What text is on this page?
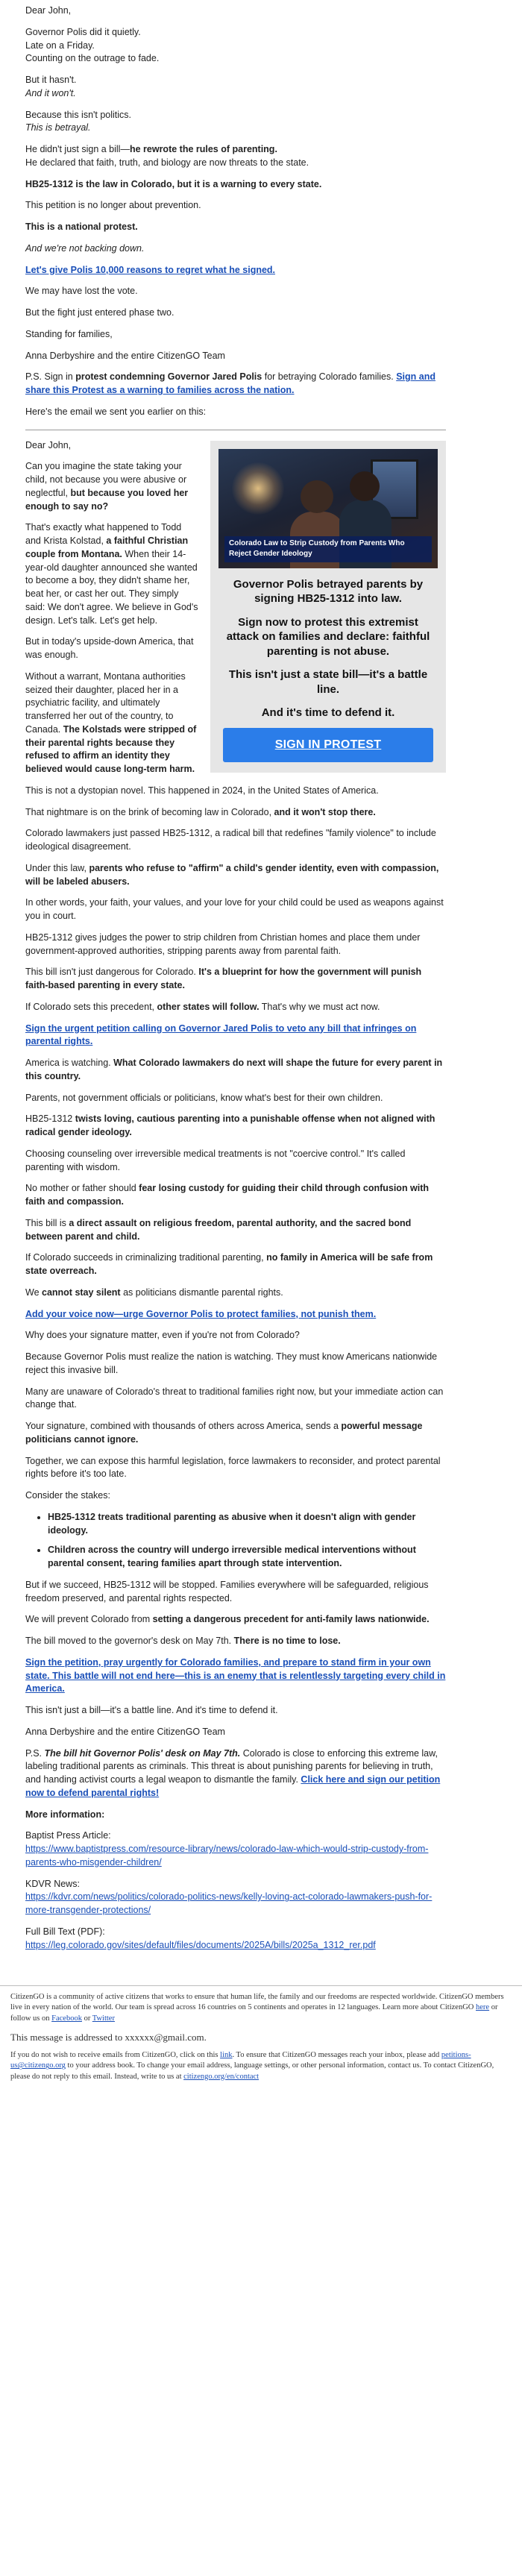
Dear John,

Governor Polis did it quietly.
Late on a Friday.
Counting on the outrage to fade.

But it hasn't.
And it won't.

Because this isn't politics.
This is betrayal.

He didn't just sign a bill—he rewrote the rules of parenting.
He declared that faith, truth, and biology are now threats to the state.

HB25-1312 is the law in Colorado, but it is a warning to every state.

This petition is no longer about prevention.

This is a national protest.

And we're not backing down.

Let's give Polis 10,000 reasons to regret what he signed.

We may have lost the vote.

But the fight just entered phase two.

Standing for families,

Anna Derbyshire and the entire CitizenGO Team

P.S. Sign in protest condemning Governor Jared Polis for betraying Colorado families. Sign and share this Protest as a warning to families across the nation.

Here's the email we sent you earlier on this:

Colorado Law to Strip Custody from Parents Who Reject Gender Ideology
Governor Polis betrayed parents by signing HB25-1312 into law.
Sign now to protest this extremist attack on families and declare: faithful parenting is not abuse.
This isn't just a state bill—it's a battle line.
And it's time to defend it.
SIGN IN PROTEST

Dear John,

Can you imagine the state taking your child, not because you were abusive or neglectful, but because you loved her enough to say no?

That's exactly what happened to Todd and Krista Kolstad, a faithful Christian couple from Montana. When their 14-year-old daughter announced she wanted to become a boy, they didn't shame her, beat her, or cast her out. They simply said: We don't agree. We believe in God's design. Let's talk. Let's get help.

But in today's upside-down America, that was enough.

Without a warrant, Montana authorities seized their daughter, placed her in a psychiatric facility, and ultimately transferred her out of the country, to Canada. The Kolstads were stripped of their parental rights because they refused to affirm an identity they believed would cause long-term harm.

This is not a dystopian novel. This happened in 2024, in the United States of America.

That nightmare is on the brink of becoming law in Colorado, and it won't stop there.

Colorado lawmakers just passed HB25-1312, a radical bill that redefines "family violence" to include ideological disagreement.

Under this law, parents who refuse to "affirm" a child's gender identity, even with compassion, will be labeled abusers.

In other words, your faith, your values, and your love for your child could be used as weapons against you in court.

HB25-1312 gives judges the power to strip children from Christian homes and place them under government-approved authorities, stripping parents away from parental faith.

This bill isn't just dangerous for Colorado. It's a blueprint for how the government will punish faith-based parenting in every state.

If Colorado sets this precedent, other states will follow. That's why we must act now.

Sign the urgent petition calling on Governor Jared Polis to veto any bill that infringes on parental rights.

America is watching. What Colorado lawmakers do next will shape the future for every parent in this country.

Parents, not government officials or politicians, know what's best for their own children.

HB25-1312 twists loving, cautious parenting into a punishable offense when not aligned with radical gender ideology.

Choosing counseling over irreversible medical treatments is not "coercive control." It's called parenting with wisdom.

No mother or father should fear losing custody for guiding their child through confusion with faith and compassion.

This bill is a direct assault on religious freedom, parental authority, and the sacred bond between parent and child.

If Colorado succeeds in criminalizing traditional parenting, no family in America will be safe from state overreach.

We cannot stay silent as politicians dismantle parental rights.

Add your voice now—urge Governor Polis to protect families, not punish them.

Why does your signature matter, even if you're not from Colorado?

Because Governor Polis must realize the nation is watching. They must know Americans nationwide reject this invasive bill.

Many are unaware of Colorado's threat to traditional families right now, but your immediate action can change that.

Your signature, combined with thousands of others across America, sends a powerful message politicians cannot ignore.

Together, we can expose this harmful legislation, force lawmakers to reconsider, and protect parental rights before it's too late.

Consider the stakes:

• HB25-1312 treats traditional parenting as abusive when it doesn't align with gender ideology.
• Children across the country will undergo irreversible medical interventions without parental consent, tearing families apart through state intervention.

But if we succeed, HB25-1312 will be stopped. Families everywhere will be safeguarded, religious freedom preserved, and parental rights respected.

We will prevent Colorado from setting a dangerous precedent for anti-family laws nationwide.

The bill moved to the governor's desk on May 7th. There is no time to lose.

Sign the petition, pray urgently for Colorado families, and prepare to stand firm in your own state. This battle will not end here—this is an enemy that is relentlessly targeting every child in America.

This isn't just a bill—it's a battle line. And it's time to defend it.

Anna Derbyshire and the entire CitizenGO Team

P.S. The bill hit Governor Polis' desk on May 7th. Colorado is close to enforcing this extreme law, labeling traditional parents as criminals. This threat is about punishing parents for believing in truth, and handing activist courts a legal weapon to dismantle the family. Click here and sign our petition now to defend parental rights!

More information:

Baptist Press Article:
https://www.baptistpress.com/resource-library/news/colorado-law-which-would-strip-custody-from-parents-who-misgender-children/

KDVR News:
https://kdvr.com/news/politics/colorado-politics-news/kelly-loving-act-colorado-lawmakers-push-for-more-transgender-protections/

Full Bill Text (PDF):
https://leg.colorado.gov/sites/default/files/documents/2025A/bills/2025a_1312_rer.pdf

CitizenGO is a community of active citizens that works to ensure that human life, the family and our freedoms are respected worldwide. CitizenGO members live in every nation of the world. Our team is spread across 16 countries on 5 continents and operates in 12 languages. Learn more about CitizenGO here or follow us on Facebook or Twitter

This message is addressed to xxxxxx@gmail.com.

If you do not wish to receive emails from CitizenGO, click on this link. To ensure that CitizenGO messages reach your inbox, please add petitions-us@citizengo.org to your address book. To change your email address, language settings, or other personal information, contact us. To contact CitizenGO, please do not reply to this email. Instead, write to us at citizengo.org/en/contact
